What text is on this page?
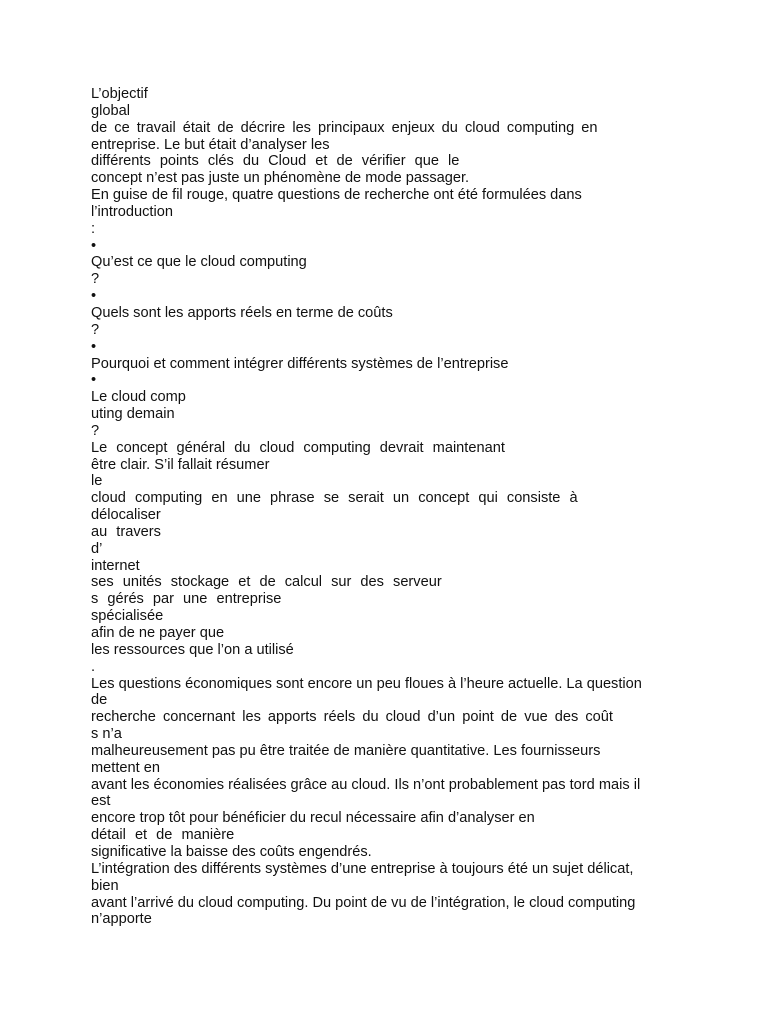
L’objectif
global
de ce travail était de décrire les principaux enjeux du cloud computing en
entreprise. Le but était d’analyser les
différents points clés du Cloud et de vérifier que le
concept n’est pas juste un phénomène de mode passager.
En guise de fil rouge, quatre questions de recherche ont été formulées dans
l’introduction
:
•
Qu’est ce que le cloud computing
?
•
Quels sont les apports réels en terme de coûts
?
•
Pourquoi et comment intégrer différents systèmes de l’entreprise
•
Le cloud comp
uting demain
?
Le concept général du cloud computing devrait maintenant
être clair. S’il fallait résumer
le
cloud computing en une phrase se serait un concept qui consiste à
délocaliser
au travers
d’
internet
ses unités stockage et de calcul sur des serveur
s gérés par une entreprise
spécialisée
afin de ne payer que
les ressources que l’on a utilisé
.
Les questions économiques sont encore un peu floues à l’heure actuelle. La question
de
recherche concernant les apports réels du cloud d’un point de vue des coût
s n’a
malheureusement pas pu être traitée de manière quantitative. Les fournisseurs
mettent en
avant les économies réalisées grâce au cloud. Ils n’ont probablement pas tord mais il
est
encore trop tôt pour bénéficier du recul nécessaire afin d’analyser en
détail et de manière
significative la baisse des coûts engendrés.
L’intégration des différents systèmes d’une entreprise à toujours été un sujet délicat,
bien
avant l’arrivé du cloud computing. Du point de vu de l’intégration, le cloud computing
n’apporte
